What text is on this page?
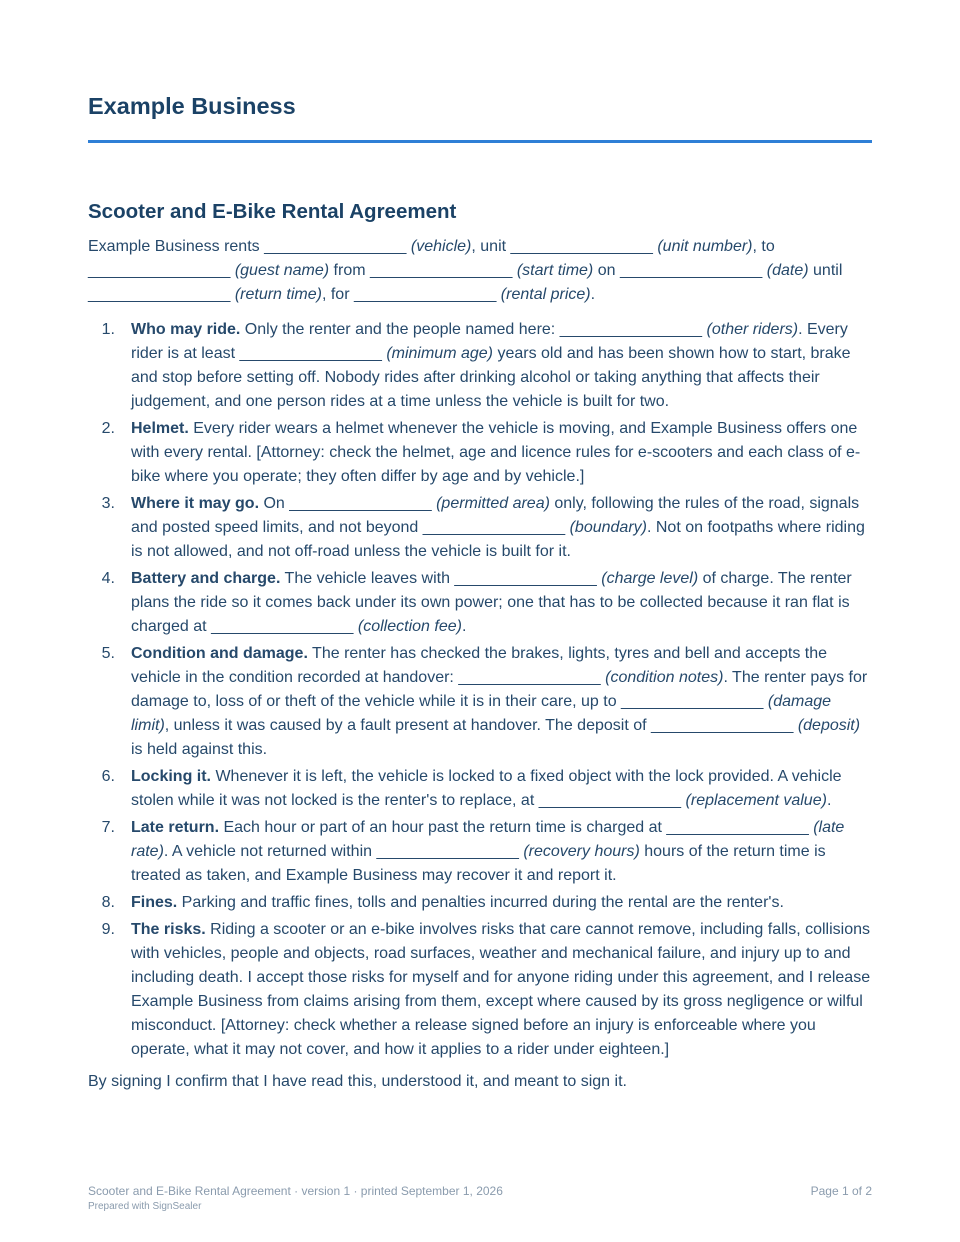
Example Business
Scooter and E-Bike Rental Agreement

Example Business rents ________________ (vehicle), unit ________________ (unit number), to ________________ (guest name) from ________________ (start time) on ________________ (date) until ________________ (return time), for ________________ (rental price).

1. Who may ride. Only the renter and the people named here: ________________ (other riders). Every rider is at least ________________ (minimum age) years old and has been shown how to start, brake and stop before setting off. Nobody rides after drinking alcohol or taking anything that affects their judgement, and one person rides at a time unless the vehicle is built for two.
2. Helmet. Every rider wears a helmet whenever the vehicle is moving, and Example Business offers one with every rental. [Attorney: check the helmet, age and licence rules for e-scooters and each class of e-bike where you operate; they often differ by age and by vehicle.]
3. Where it may go. On ________________ (permitted area) only, following the rules of the road, signals and posted speed limits, and not beyond ________________ (boundary). Not on footpaths where riding is not allowed, and not off-road unless the vehicle is built for it.
4. Battery and charge. The vehicle leaves with ________________ (charge level) of charge. The renter plans the ride so it comes back under its own power; one that has to be collected because it ran flat is charged at ________________ (collection fee).
5. Condition and damage. The renter has checked the brakes, lights, tyres and bell and accepts the vehicle in the condition recorded at handover: ________________ (condition notes). The renter pays for damage to, loss of or theft of the vehicle while it is in their care, up to ________________ (damage limit), unless it was caused by a fault present at handover. The deposit of ________________ (deposit) is held against this.
6. Locking it. Whenever it is left, the vehicle is locked to a fixed object with the lock provided. A vehicle stolen while it was not locked is the renter's to replace, at ________________ (replacement value).
7. Late return. Each hour or part of an hour past the return time is charged at ________________ (late rate). A vehicle not returned within ________________ (recovery hours) hours of the return time is treated as taken, and Example Business may recover it and report it.
8. Fines. Parking and traffic fines, tolls and penalties incurred during the rental are the renter's.
9. The risks. Riding a scooter or an e-bike involves risks that care cannot remove, including falls, collisions with vehicles, people and objects, road surfaces, weather and mechanical failure, and injury up to and including death. I accept those risks for myself and for anyone riding under this agreement, and I release Example Business from claims arising from them, except where caused by its gross negligence or wilful misconduct. [Attorney: check whether a release signed before an injury is enforceable where you operate, what it may not cover, and how it applies to a rider under eighteen.]

By signing I confirm that I have read this, understood it, and meant to sign it.

Scooter and E-Bike Rental Agreement · version 1 · printed September 1, 2026	Page 1 of 2
Prepared with SignSealer
